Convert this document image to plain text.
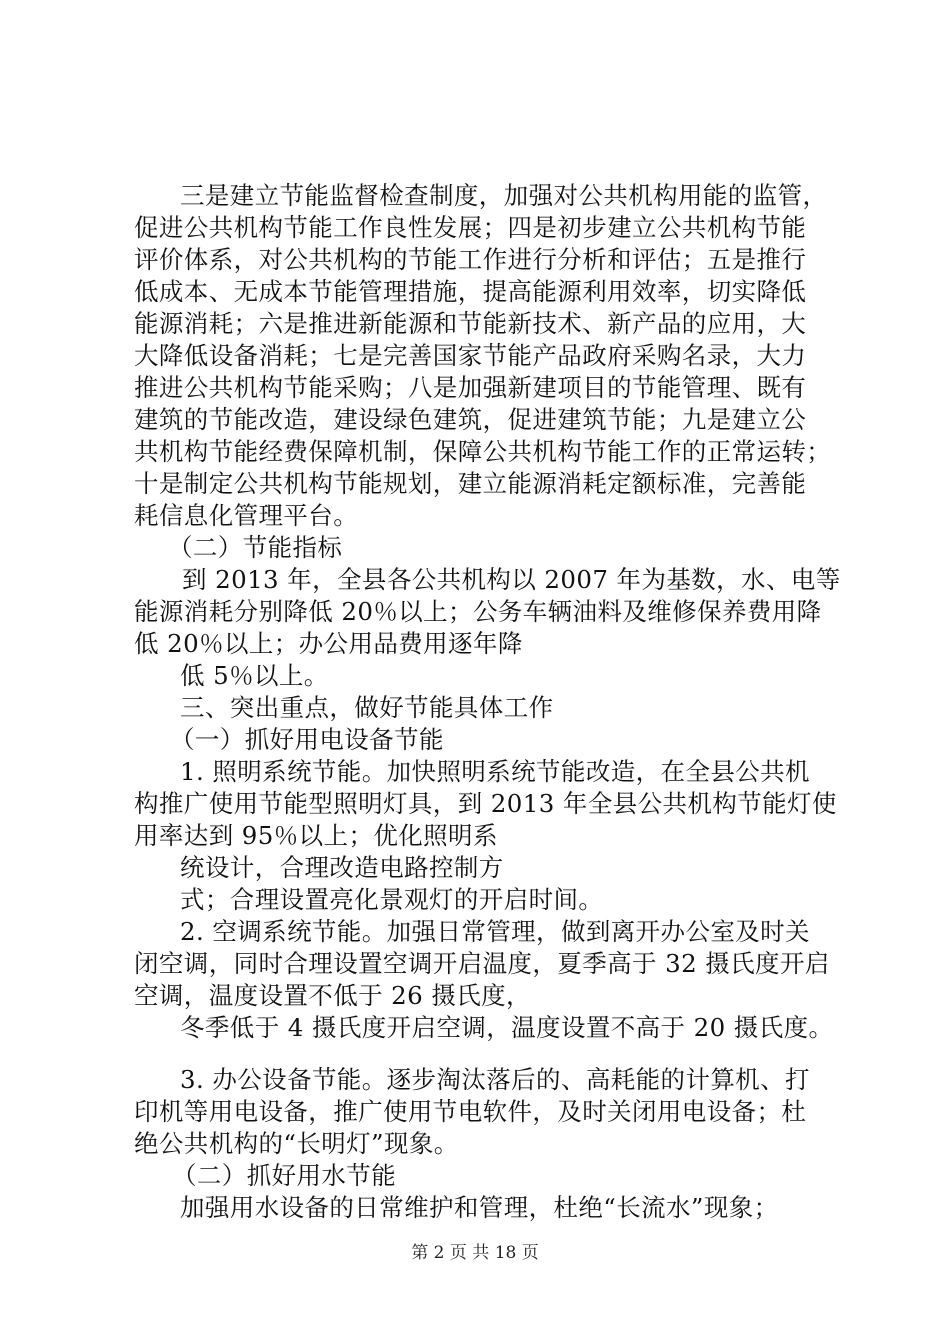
三是建立节能监督检查制度，加强对公共机构用能的监管，
促进公共机构节能工作良性发展；四是初步建立公共机构节能
评价体系，对公共机构的节能工作进行分析和评估；五是推行
低成本、无成本节能管理措施，提高能源利用效率，切实降低
能源消耗；六是推进新能源和节能新技术、新产品的应用，大
大降低设备消耗；七是完善国家节能产品政府采购名录，大力
推进公共机构节能采购；八是加强新建项目的节能管理、既有
建筑的节能改造，建设绿色建筑，促进建筑节能；九是建立公
共机构节能经费保障机制，保障公共机构节能工作的正常运转；
十是制定公共机构节能规划，建立能源消耗定额标准，完善能
耗信息化管理平台。
（二）节能指标
到 2013 年，全县各公共机构以 2007 年为基数，水、电等
能源消耗分别降低 20％以上；公务车辆油料及维修保养费用降
低 20％以上；办公用品费用逐年降
低 5％以上。
三、突出重点，做好节能具体工作
（一）抓好用电设备节能
1. 照明系统节能。加快照明系统节能改造，在全县公共机
构推广使用节能型照明灯具，到 2013 年全县公共机构节能灯使
用率达到 95％以上；优化照明系
统设计，合理改造电路控制方
式；合理设置亮化景观灯的开启时间。
2. 空调系统节能。加强日常管理，做到离开办公室及时关
闭空调，同时合理设置空调开启温度，夏季高于 32 摄氏度开启
空调，温度设置不低于 26 摄氏度，
冬季低于 4 摄氏度开启空调，温度设置不高于 20 摄氏度。
3. 办公设备节能。逐步淘汰落后的、高耗能的计算机、打
印机等用电设备，推广使用节电软件，及时关闭用电设备；杜
绝公共机构的“长明灯”现象。
（二）抓好用水节能
加强用水设备的日常维护和管理，杜绝“长流水”现象；
第 2 页 共 18 页
